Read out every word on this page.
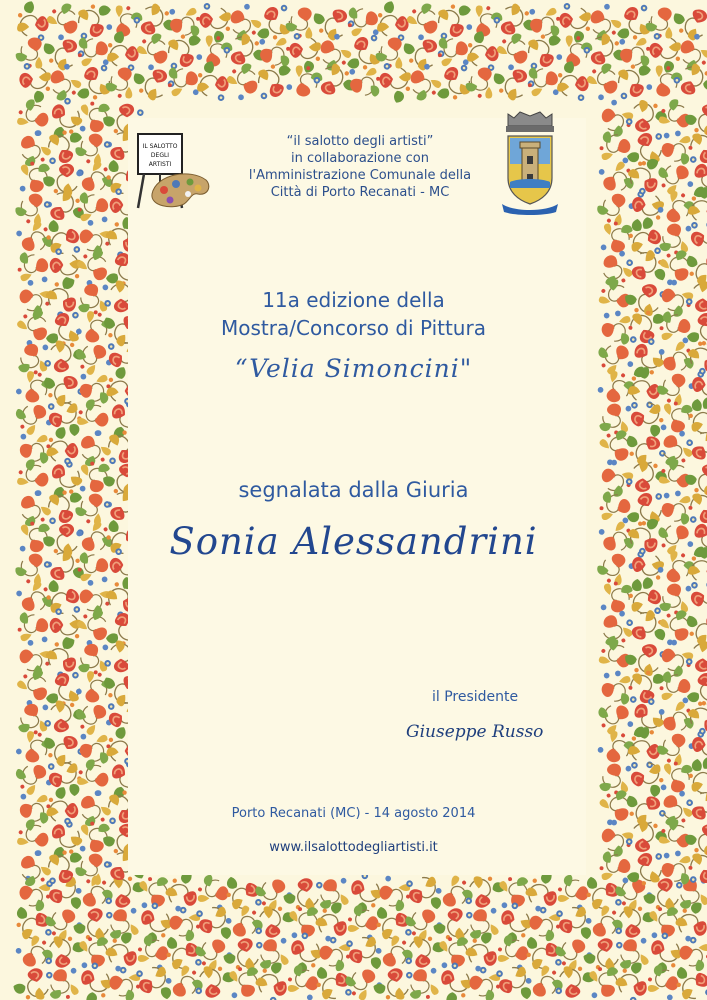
IL SALOTTO
DEGLI
ARTISTI
“il salotto degli artisti”
in collaborazione con
l'Amministrazione Comunale della
Città di Porto Recanati - MC
11a edizione della
Mostra/Concorso di Pittura
“Velia Simoncini"
segnalata dalla Giuria
Sonia Alessandrini
il Presidente
Giuseppe Russo
Porto Recanati (MC) - 14 agosto 2014
www.ilsalottodegliartisti.it
